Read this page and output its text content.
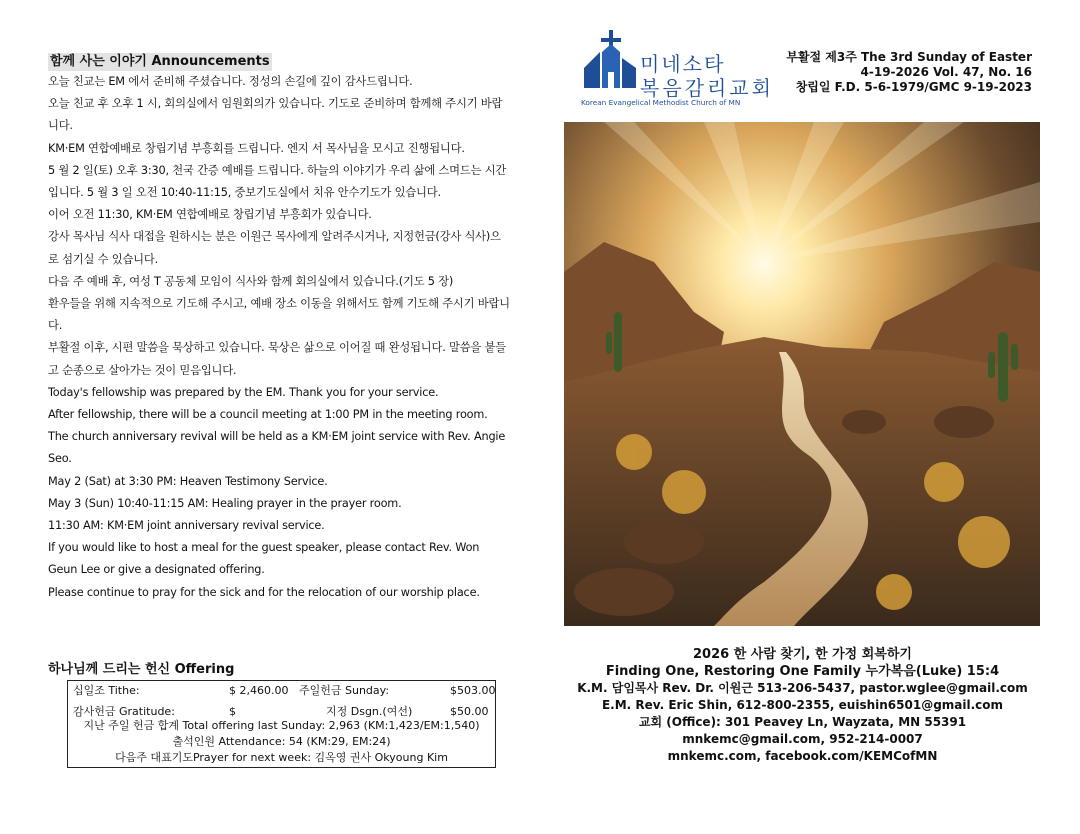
함께 사는 이야기 Announcements

오늘 친교는 EM 에서 준비해 주셨습니다. 정성의 손길에 깊이 감사드립니다.

오늘 친교 후 오후 1 시, 회의실에서 임원회의가 있습니다. 기도로 준비하며 함께해 주시기 바랍니다.

KM·EM 연합예배로 창립기념 부흥회를 드립니다. 엔지 서 목사님을 모시고 진행됩니다.

5 월 2 일(토) 오후 3:30, 천국 간증 예배를 드립니다. 하늘의 이야기가 우리 삶에 스며드는 시간입니다. 5 월 3 일 오전 10:40-11:15, 중보기도실에서 치유 안수기도가 있습니다.

이어 오전 11:30, KM·EM 연합예배로 창립기념 부흥회가 있습니다.

강사 목사님 식사 대접을 원하시는 분은 이원근 목사에게 알려주시거나, 지정헌금(강사 식사)으로 섬기실 수 있습니다.

다음 주 예배 후, 여성 T 공동체 모임이 식사와 함께 회의실에서 있습니다.(기도 5 장)

환우들을 위해 지속적으로 기도해 주시고, 예배 장소 이동을 위해서도 함께 기도해 주시기 바랍니다.

부활절 이후, 시편 말씀을 묵상하고 있습니다. 묵상은 삶으로 이어질 때 완성됩니다. 말씀을 붙들고 순종으로 살아가는 것이 믿음입니다.

Today's fellowship was prepared by the EM. Thank you for your service.

After fellowship, there will be a council meeting at 1:00 PM in the meeting room.

The church anniversary revival will be held as a KM·EM joint service with Rev. Angie Seo.

May 2 (Sat) at 3:30 PM: Heaven Testimony Service.

May 3 (Sun) 10:40-11:15 AM: Healing prayer in the prayer room.

11:30 AM: KM·EM joint anniversary revival service.

If you would like to host a meal for the guest speaker, please contact Rev. Won Geun Lee or give a designated offering.

Please continue to pray for the sick and for the relocation of our worship place.

하나님께 드리는 헌신 Offering
십일조 Tithe:	$ 2,460.00 주일헌금 Sunday:	$503.00
감사헌금 Gratitude:	$	지정 Dsgn.(여선)	$50.00
지난 주일 헌금 합계 Total offering last Sunday: 2,963 (KM:1,423/EM:1,540)
출석인원 Attendance: 54 (KM:29, EM:24)
다음주 대표기도Prayer for next week: 김옥영 권사 Okyoung Kim
미네소타
복음감리교회
Korean Evangelical Methodist Church of MN
부활절 제3주 The 3rd Sunday of Easter
4-19-2026 Vol. 47, No. 16
창립일 F.D. 5-6-1979/GMC 9-19-2023
2026 한 사람 찾기, 한 가정 회복하기
Finding One, Restoring One Family 누가복음(Luke) 15:4
K.M. 담임목사 Rev. Dr. 이원근 513-206-5437, pastor.wglee@gmail.com
E.M. Rev. Eric Shin, 612-800-2355, euishin6501@gmail.com
교회 (Office): 301 Peavey Ln, Wayzata, MN 55391
mnkemc@gmail.com, 952-214-0007
mnkemc.com, facebook.com/KEMCofMN
